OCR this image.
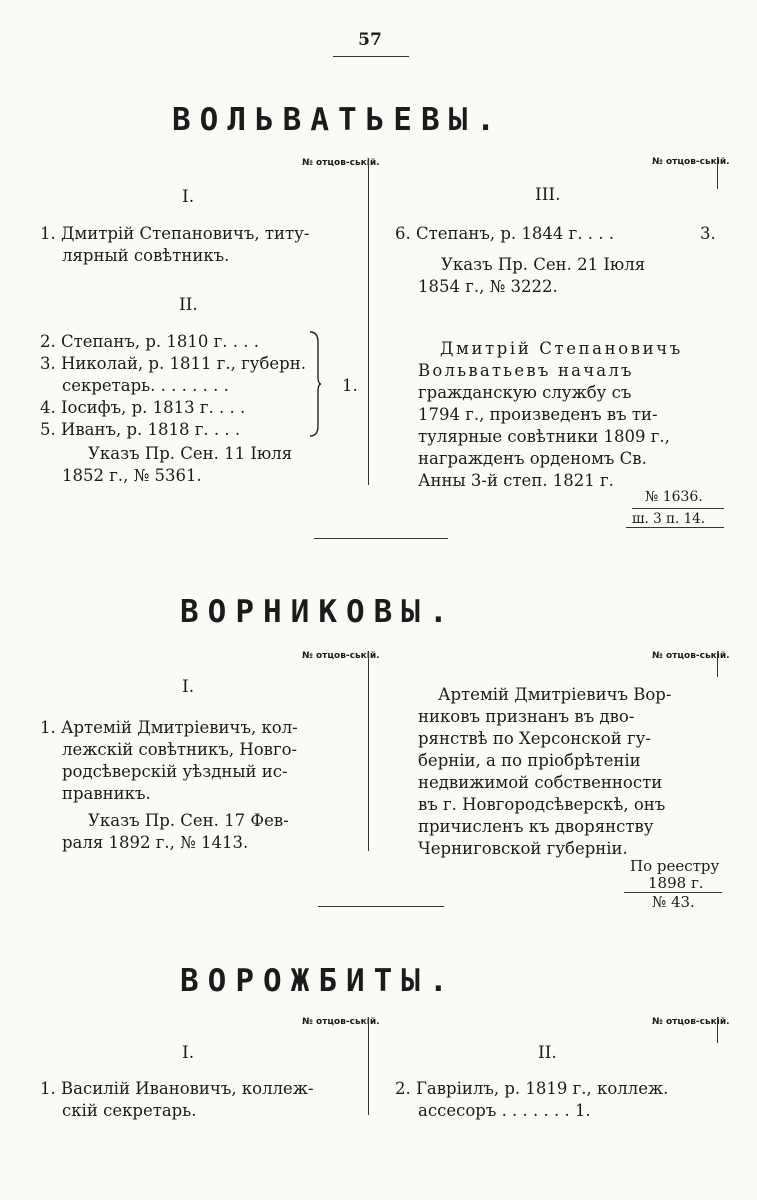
57
ВОЛЬВАТЬЕВЫ.
№ отцов-ській.	№ отцов-ській.
I.
1. Дмитрій Степановичъ, титу-
лярный совѣтникъ.
II.
2. Степанъ, р. 1810 г. . . .
3. Николай, р. 1811 г., губерн.
секретарь. . . . . . . .
4. Іосифъ, р. 1813 г. . . .
5. Иванъ, р. 1818 г. . . .
1.
Указъ Пр. Сен. 11 Іюля
1852 г., № 5361.
III.
6. Степанъ, р. 1844 г. . . .	3.
Указъ Пр. Сен. 21 Іюля
1854 г., № 3222.
Дмитрій Степановичъ
Вольватьевъ началъ
гражданскую службу съ
1794 г., произведенъ въ ти-
тулярные совѣтники 1809 г.,
награжденъ орденомъ Св.
Анны 3-й степ. 1821 г.
№ 1636.
ш. 3 п. 14.
ВОРНИКОВЫ.
№ отцов-ській.	№ отцов-ській.
I.
1. Артемій Дмитріевичъ, кол-
лежскій совѣтникъ, Новго-
родсѣверскій уѣздный ис-
правникъ.
Указъ Пр. Сен. 17 Фев-
раля 1892 г., № 1413.
Артемій Дмитріевичъ Вор-
никовъ признанъ въ дво-
рянствѣ по Херсонской гу-
берніи, а по пріобрѣтеніи
недвижимой собственности
въ г. Новгородсѣверскѣ, онъ
причисленъ къ дворянству
Черниговской губерніи.
По реестру
1898 г.
№ 43.
ВОРОЖБИТЫ.
№ отцов-ській.	№ отцов-ській.
I.
1. Василій Ивановичъ, коллеж-
скій секретарь.
II.
2. Гавріилъ, р. 1819 г., коллеж.
ассесоръ . . . . . . . 1.
